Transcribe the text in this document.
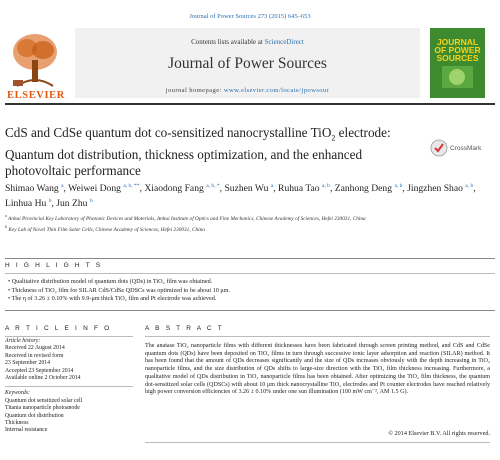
Journal of Power Sources 273 (2015) 645–653
ELSEVIER
Contents lists available at ScienceDirect
Journal of Power Sources
journal homepage: www.elsevier.com/locate/jpowsour
JOURNAL OF POWER SOURCES
CdS and CdSe quantum dot co-sensitized nanocrystalline TiO$_2$ electrode: Quantum dot distribution, thickness optimization, and the enhanced photovoltaic performance
CrossMark
Shimao Wang $^a$, Weiwei Dong $^{a, b, **}$, Xiaodong Fang $^{a, b, *}$, Suzhen Wu $^a$, Ruhua Tao $^{a, b}$, Zanhong Deng $^{a, b}$, Jingzhen Shao $^{a, b}$, Linhua Hu $^b$, Jun Zhu $^b$
$^a$ Anhui Provincial Key Laboratory of Photonic Devices and Materials, Anhui Institute of Optics and Fine Mechanics, Chinese Academy of Sciences, Hefei 230031, China
$^b$ Key Lab of Novel Thin Film Solar Cells, Chinese Academy of Sciences, Hefei 230031, China
H I G H L I G H T S
• Qualitative distribution model of quantum dots (QDs) in TiO₂ film was obtained.
• Thickness of TiO₂ film for SILAR CdS/CdSe QDSCs was optimized to be about 10 μm.
• The η of 3.26 ± 0.10% with 9.9-μm thick TiO₂ film and Pt electrode was achieved.
A R T I C L E I N F O
Article history:
Received 22 August 2014
Received in revised form
23 September 2014
Accepted 23 September 2014
Available online 2 October 2014
Keywords:
Quantum dot sensitized solar cell
Titania nanoparticle photoanode
Quantum dot distribution
Thickness
Internal resistance
A B S T R A C T
The anatase TiO₂ nanoparticle films with different thicknesses have been fabricated through screen printing method, and CdS and CdSe quantum dots (QDs) have been deposited on TiO₂ films in turn through successive ionic layer adsorption and reaction (SILAR) method. It has been found that the amount of QDs decreases significantly and the size of QDs increases obviously with the depth increasing in TiO₂ nanoparticle films, and the size distribution of QDs shifts to large-size direction with the TiO₂ film thickness increasing. Furthermore, a qualitative model of QDs distribution in TiO₂ nanoparticle films has been obtained. After optimizing the TiO₂ film thickness, the quantum dot-sensitized solar cells (QDSCs) with about 10 μm thick nanocrystalline TiO₂ electrodes and Pt counter electrodes have reached relatively high power conversion efficiencies of 3.26 ± 0.10% under one sun illumination (100 mW cm⁻², AM 1.5 G).
© 2014 Elsevier B.V. All rights reserved.
